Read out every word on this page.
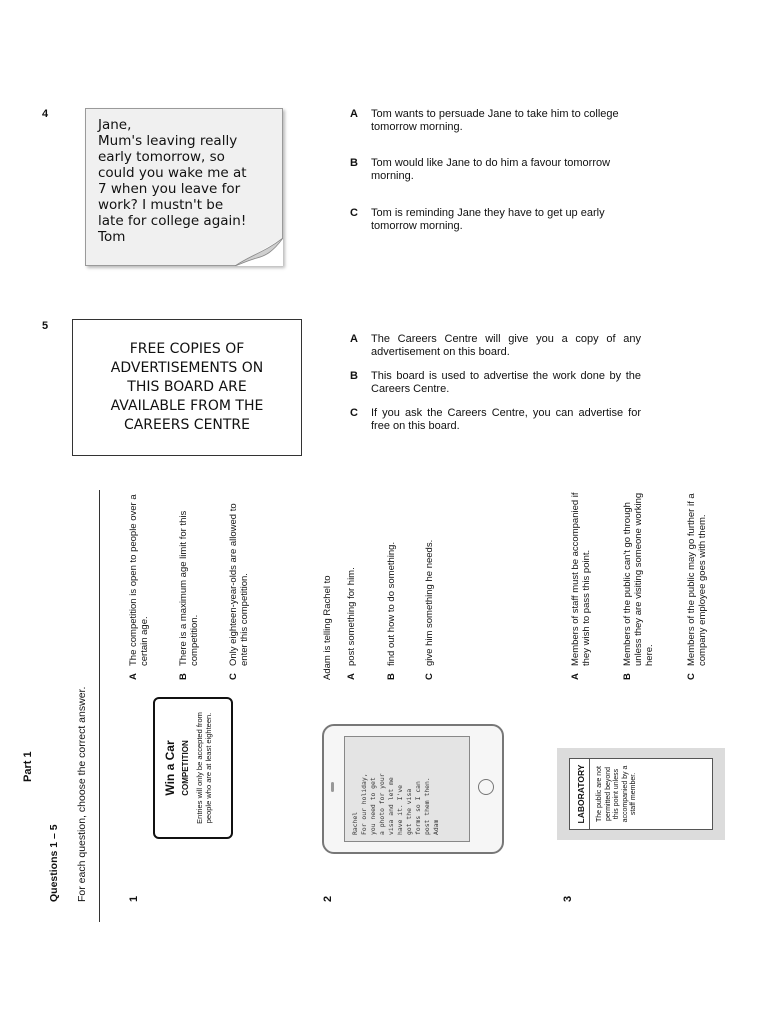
4
Jane,
Mum's leaving really
early tomorrow, so
could you wake me at
7 when you leave for
work? I mustn't be
late for college again!
Tom
A Tom wants to persuade Jane to take him to college tomorrow morning.
B Tom would like Jane to do him a favour tomorrow morning.
C Tom is reminding Jane they have to get up early tomorrow morning.
5
FREE COPIES OF
ADVERTISEMENTS ON
THIS BOARD ARE
AVAILABLE FROM THE
CAREERS CENTRE
A The Careers Centre will give you a copy of any advertisement on this board.
B This board is used to advertise the work done by the Careers Centre.
C If you ask the Careers Centre, you can advertise for free on this board.
Part 1
Questions 1 – 5 For each question, choose the correct answer.	1
Win a Car COMPETITION Entries will only be accepted from people who are at least eighteen.
A
The competition is open to people over a certain age.
B
There is a maximum age limit for this competition.
C
Only eighteen-year-olds are allowed to enter this competition.
2
Rachel
For our holiday,
you need to get
a photo for your
visa and let me
have it. I've
got the visa
forms so I can
post them then.
Adam
Adam is telling Rachel to A
post something for him.
B
find out how to do something.
C
give him something he needs.
3
LABORATORY	The public are not permitted beyond this point unless accompanied by a staff member.
A
Members of staff must be accompanied if they wish to pass this point.
B
Members of the public can't go through unless they are visiting someone working here.
C
Members of the public may go further if a company employee goes with them.
